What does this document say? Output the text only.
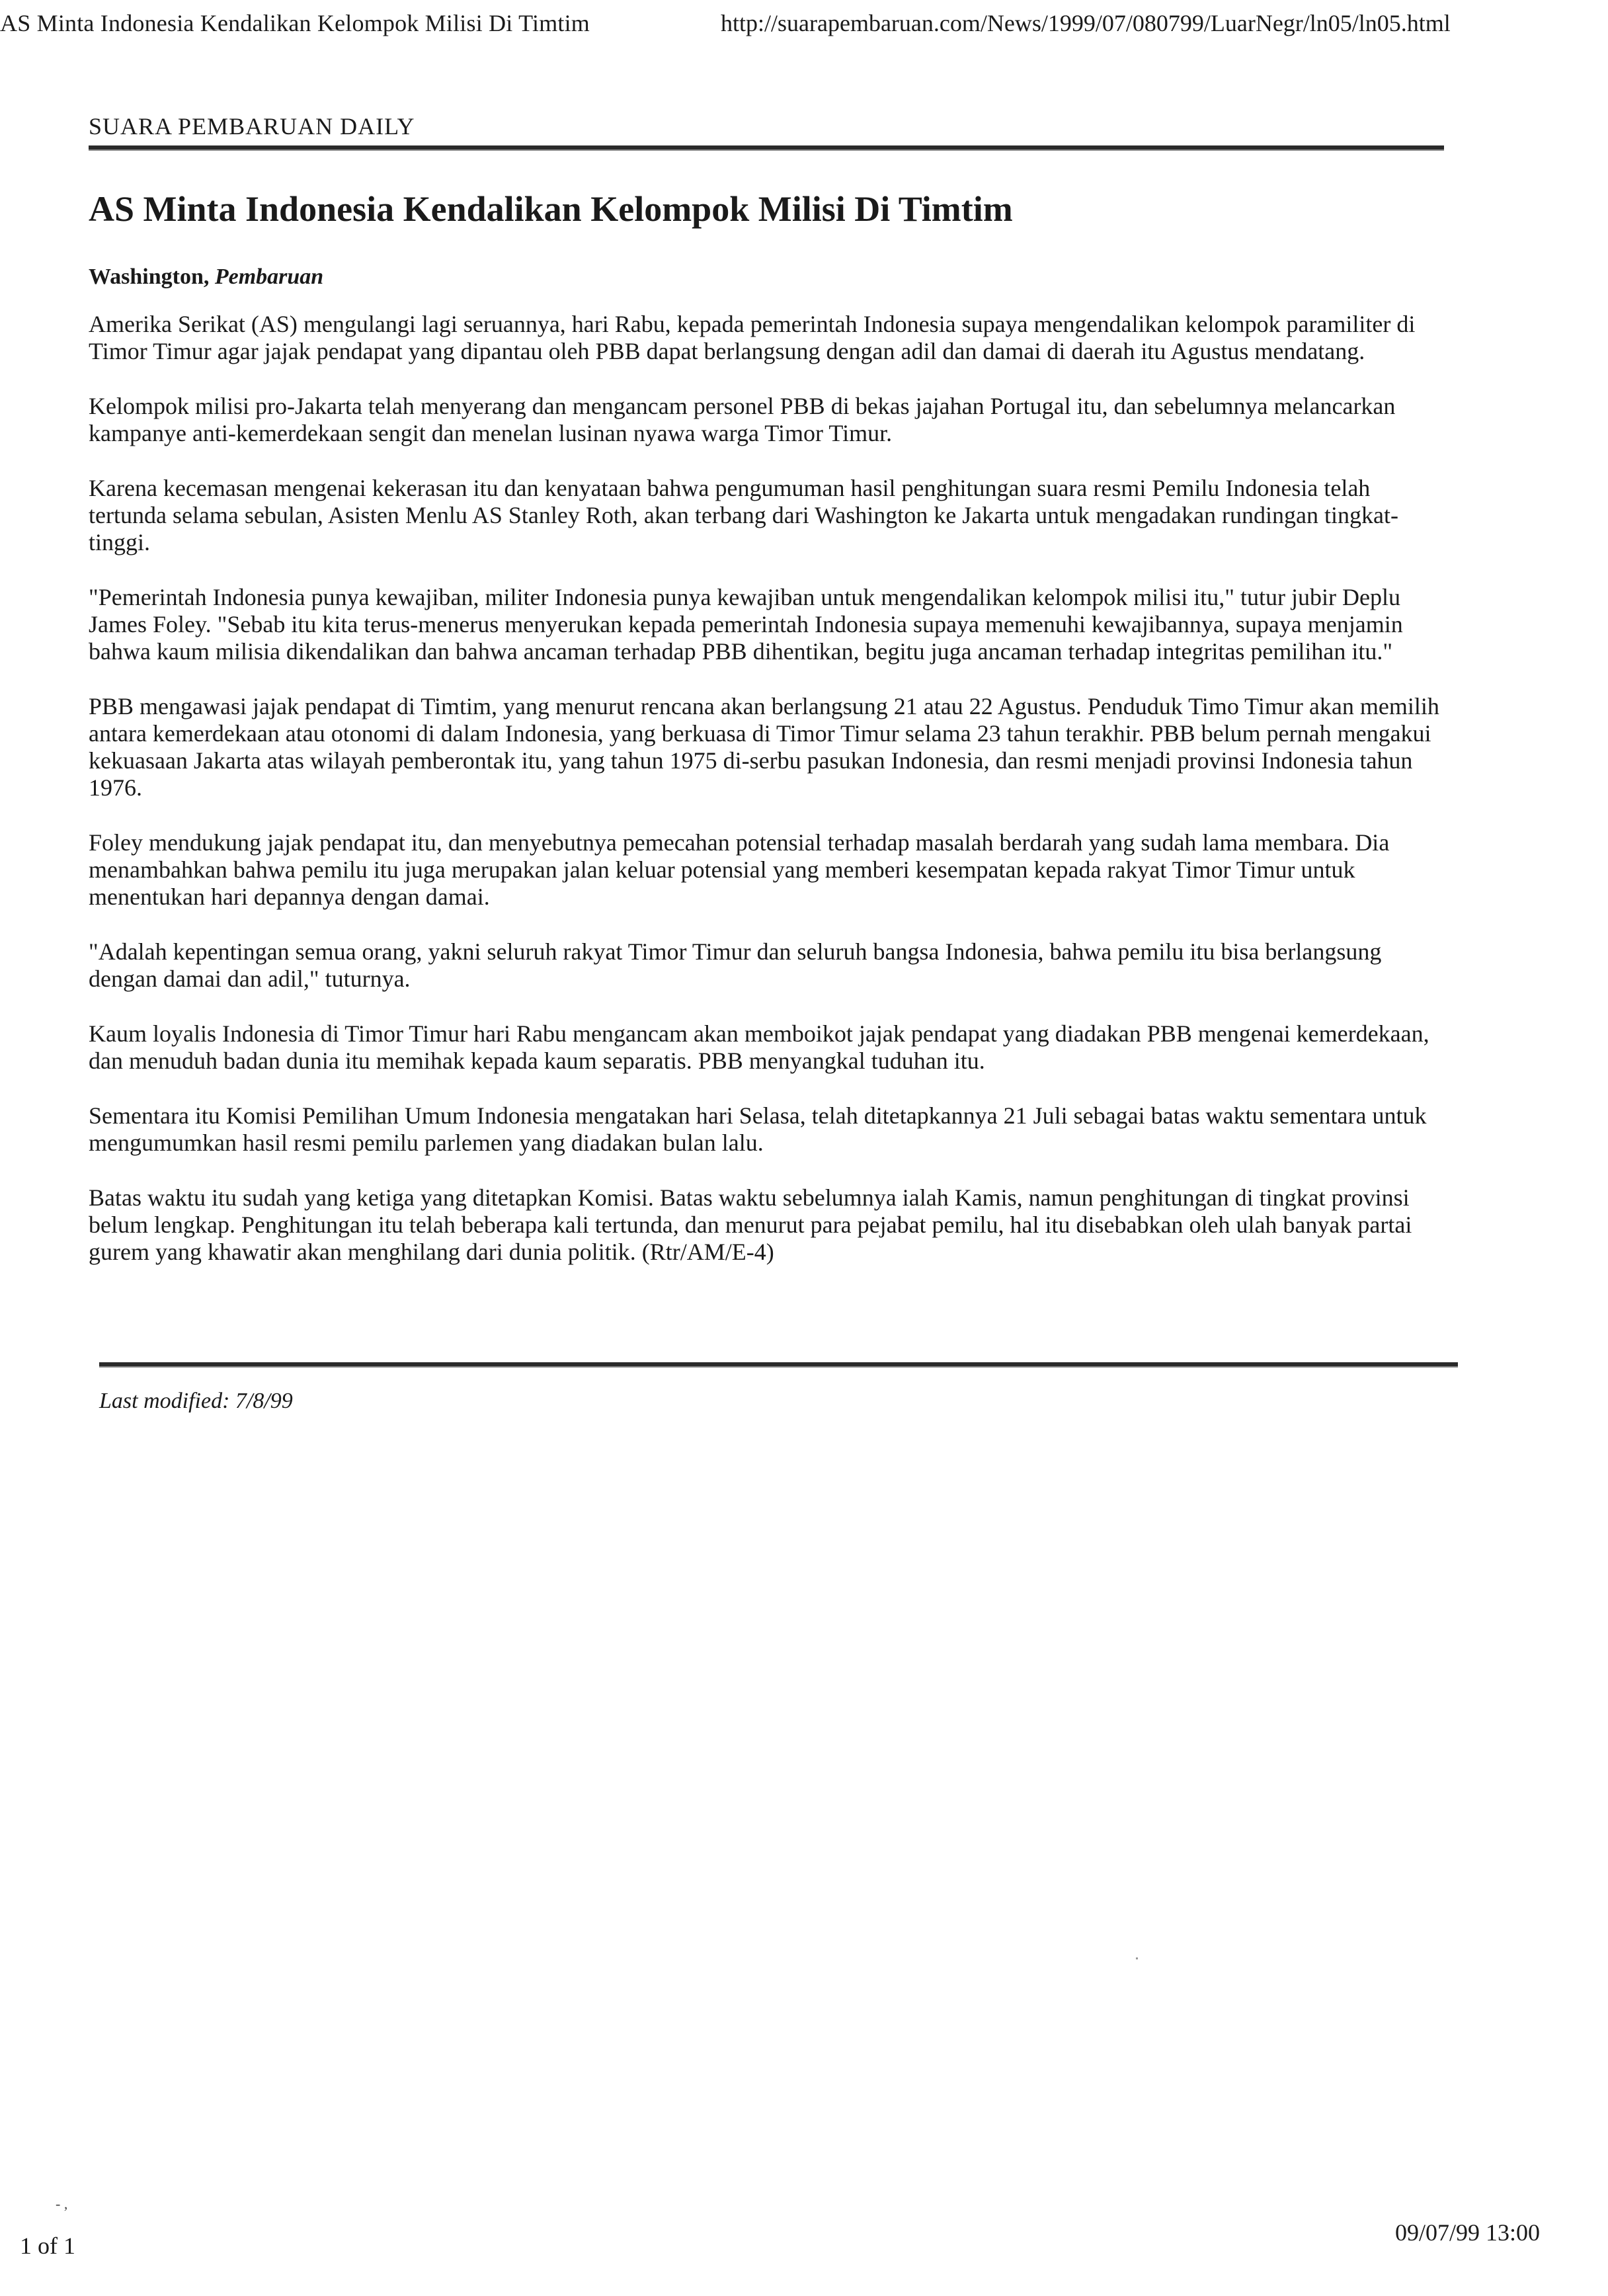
AS Minta Indonesia Kendalikan Kelompok Milisi Di Timtim	http://suarapembaruan.com/News/1999/07/080799/LuarNegr/ln05/ln05.html
SUARA PEMBARUAN DAILY
AS Minta Indonesia Kendalikan Kelompok Milisi Di Timtim
Washington, Pembaruan

Amerika Serikat (AS) mengulangi lagi seruannya, hari Rabu, kepada pemerintah Indonesia supaya mengendalikan kelompok paramiliter di Timor Timur agar jajak pendapat yang dipantau oleh PBB dapat berlangsung dengan adil dan damai di daerah itu Agustus mendatang.

Kelompok milisi pro-Jakarta telah menyerang dan mengancam personel PBB di bekas jajahan Portugal itu, dan sebelumnya melancarkan kampanye anti-kemerdekaan sengit dan menelan lusinan nyawa warga Timor Timur.

Karena kecemasan mengenai kekerasan itu dan kenyataan bahwa pengumuman hasil penghitungan suara resmi Pemilu Indonesia telah tertunda selama sebulan, Asisten Menlu AS Stanley Roth, akan terbang dari Washington ke Jakarta untuk mengadakan rundingan tingkat-tinggi.

"Pemerintah Indonesia punya kewajiban, militer Indonesia punya kewajiban untuk mengendalikan kelompok milisi itu," tutur jubir Deplu James Foley. "Sebab itu kita terus-menerus menyerukan kepada pemerintah Indonesia supaya memenuhi kewajibannya, supaya menjamin bahwa kaum milisia dikendalikan dan bahwa ancaman terhadap PBB dihentikan, begitu juga ancaman terhadap integritas pemilihan itu."

PBB mengawasi jajak pendapat di Timtim, yang menurut rencana akan berlangsung 21 atau 22 Agustus. Penduduk Timo Timur akan memilih antara kemerdekaan atau otonomi di dalam Indonesia, yang berkuasa di Timor Timur selama 23 tahun terakhir. PBB belum pernah mengakui kekuasaan Jakarta atas wilayah pemberontak itu, yang tahun 1975 di-serbu pasukan Indonesia, dan resmi menjadi provinsi Indonesia tahun 1976.

Foley mendukung jajak pendapat itu, dan menyebutnya pemecahan potensial terhadap masalah berdarah yang sudah lama membara. Dia menambahkan bahwa pemilu itu juga merupakan jalan keluar potensial yang memberi kesempatan kepada rakyat Timor Timur untuk menentukan hari depannya dengan damai.

"Adalah kepentingan semua orang, yakni seluruh rakyat Timor Timur dan seluruh bangsa Indonesia, bahwa pemilu itu bisa berlangsung dengan damai dan adil," tuturnya.

Kaum loyalis Indonesia di Timor Timur hari Rabu mengancam akan memboikot jajak pendapat yang diadakan PBB mengenai kemerdekaan, dan menuduh badan dunia itu memihak kepada kaum separatis. PBB menyangkal tuduhan itu.

Sementara itu Komisi Pemilihan Umum Indonesia mengatakan hari Selasa, telah ditetapkannya 21 Juli sebagai batas waktu sementara untuk mengumumkan hasil resmi pemilu parlemen yang diadakan bulan lalu.

Batas waktu itu sudah yang ketiga yang ditetapkan Komisi. Batas waktu sebelumnya ialah Kamis, namun penghitungan di tingkat provinsi belum lengkap. Penghitungan itu telah beberapa kali tertunda, dan menurut para pejabat pemilu, hal itu disebabkan oleh ulah banyak partai gurem yang khawatir akan menghilang dari dunia politik. (Rtr/AM/E-4)

Last modified: 7/8/99
- ,
1 of 1	09/07/99 13:00
